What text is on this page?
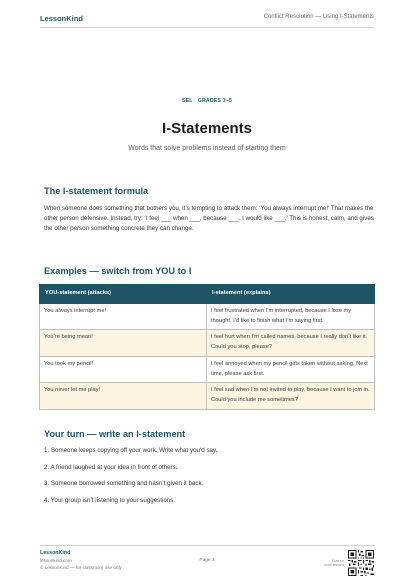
LessonKind	Conflict Resolution — Using I-Statements
SEL · GRADES 3–5
I-Statements
Words that solve problems instead of starting them
The I-statement formula
When someone does something that bothers you, it’s tempting to attack them: ‘You always interrupt me!’ That makes the other person defensive. Instead, try: ‘I feel ___ when ___, because ___. I would like ___.’ This is honest, calm, and gives the other person something concrete they can change.
Examples — switch from YOU to I
YOU-statement (attacks)	I-statement (explains)
You always interrupt me!	I feel frustrated when I’m interrupted, because I lose my thought. I’d like to finish what I’m saying first.
You’re being mean!	I feel hurt when I’m called names, because I really don’t like it. Could you stop, please?
You took my pencil!	I feel annoyed when my pencil gets taken without asking. Next time, please ask first.
You never let me play!	I feel sad when I’m not invited to play, because I want to join in. Could you include me sometimes?
Your turn — write an I-statement
1. Someone keeps copying off your work. Write what you’d say.
2. A friend laughed at your idea in front of others.
3. Someone borrowed something and hasn’t given it back.
4. Your group isn’t listening to your suggestions.
LessonKind
lessonkind.com
© LessonKind — for classroom use only
Page 1	Scan for
more lessons
